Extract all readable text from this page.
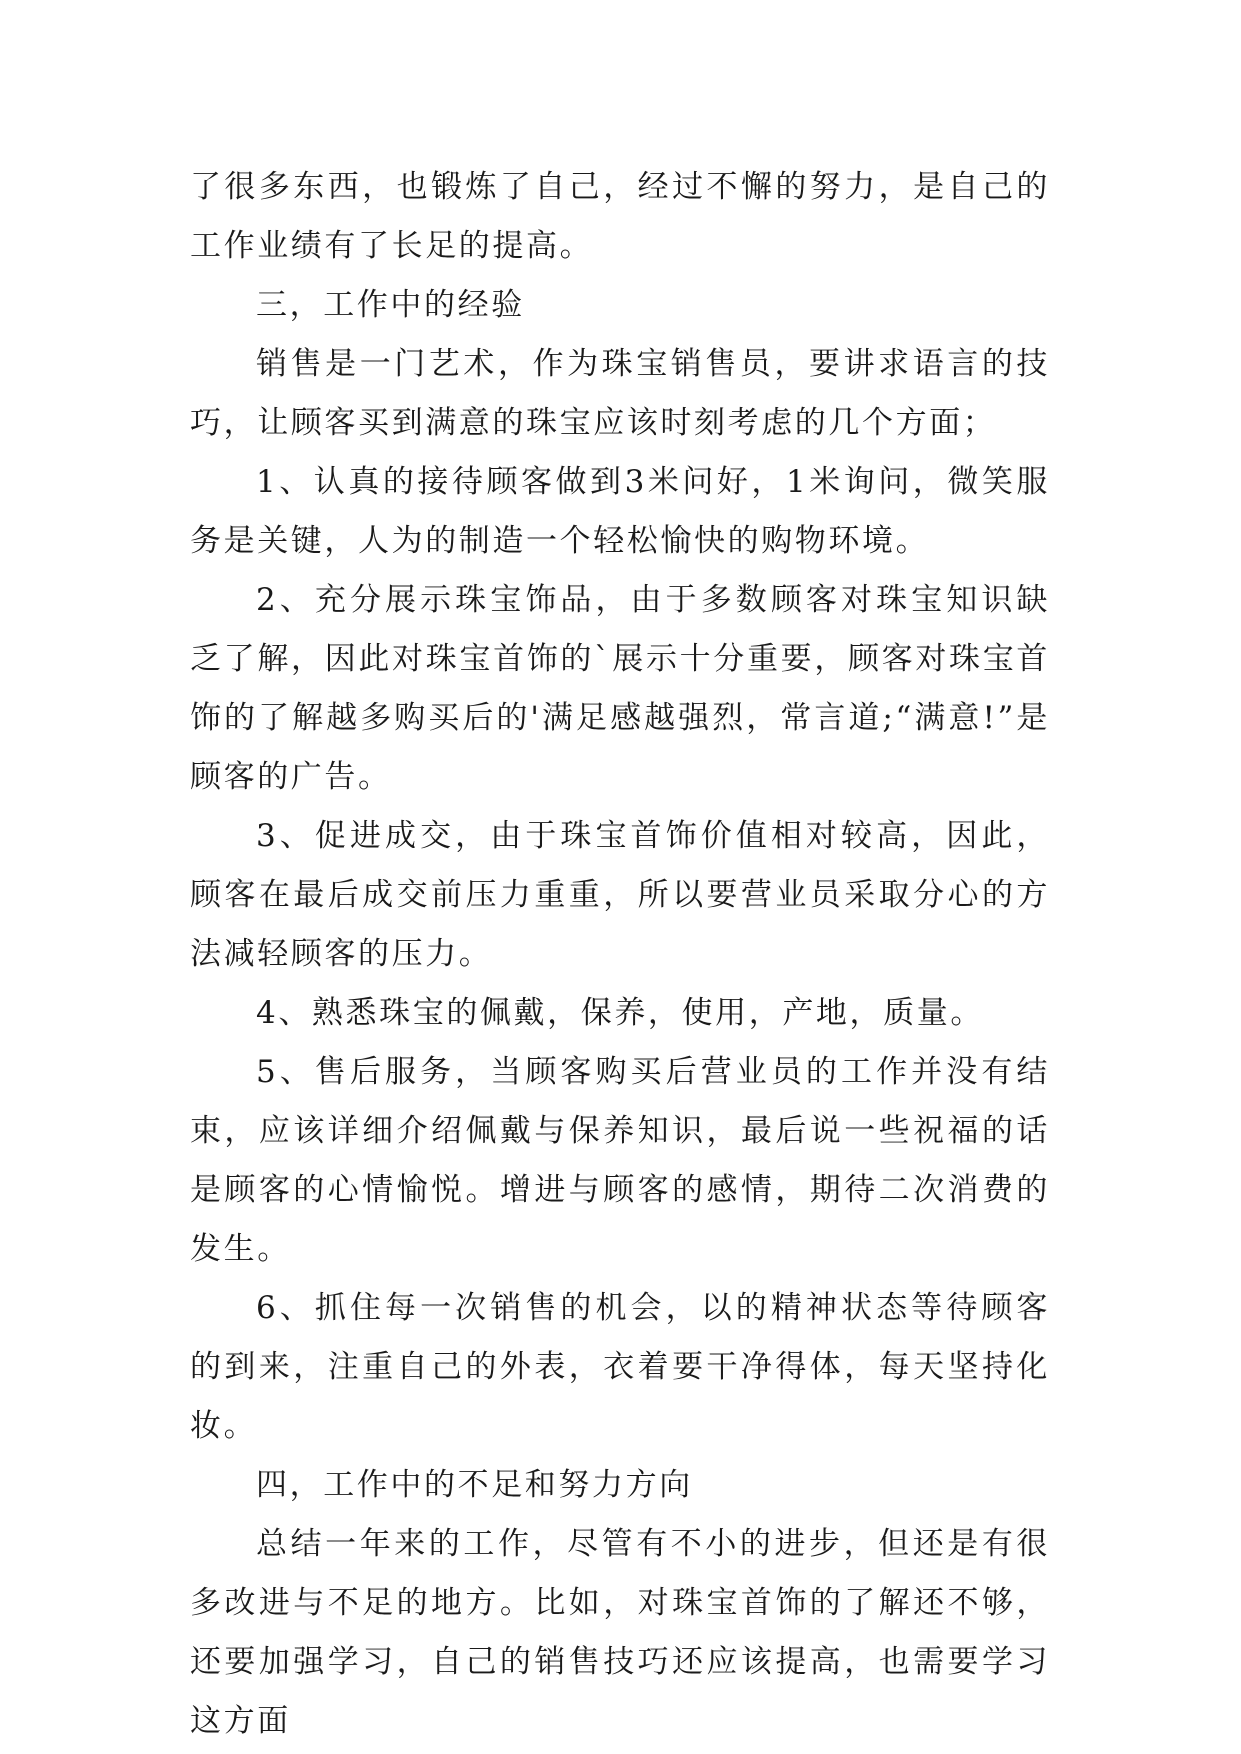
了很多东西，也锻炼了自己，经过不懈的努力，是自己的工作业绩有了长足的提高。

三，工作中的经验

销售是一门艺术，作为珠宝销售员，要讲求语言的技巧，让顾客买到满意的珠宝应该时刻考虑的几个方面；

1、认真的接待顾客做到3米问好，1米询问，微笑服务是关键，人为的制造一个轻松愉快的购物环境。

2、充分展示珠宝饰品，由于多数顾客对珠宝知识缺乏了解，因此对珠宝首饰的`展示十分重要，顾客对珠宝首饰的了解越多购买后的'满足感越强烈，常言道;“满意!”是顾客的广告。

3、促进成交，由于珠宝首饰价值相对较高，因此，顾客在最后成交前压力重重，所以要营业员采取分心的方法减轻顾客的压力。

4、熟悉珠宝的佩戴，保养，使用，产地，质量。

5、售后服务，当顾客购买后营业员的工作并没有结束，应该详细介绍佩戴与保养知识，最后说一些祝福的话是顾客的心情愉悦。增进与顾客的感情，期待二次消费的发生。

6、抓住每一次销售的机会，以的精神状态等待顾客的到来，注重自己的外表，衣着要干净得体，每天坚持化妆。

四，工作中的不足和努力方向

总结一年来的工作，尽管有不小的进步，但还是有很多改进与不足的地方。比如，对珠宝首饰的了解还不够，还要加强学习，自己的销售技巧还应该提高，也需要学习这方面
